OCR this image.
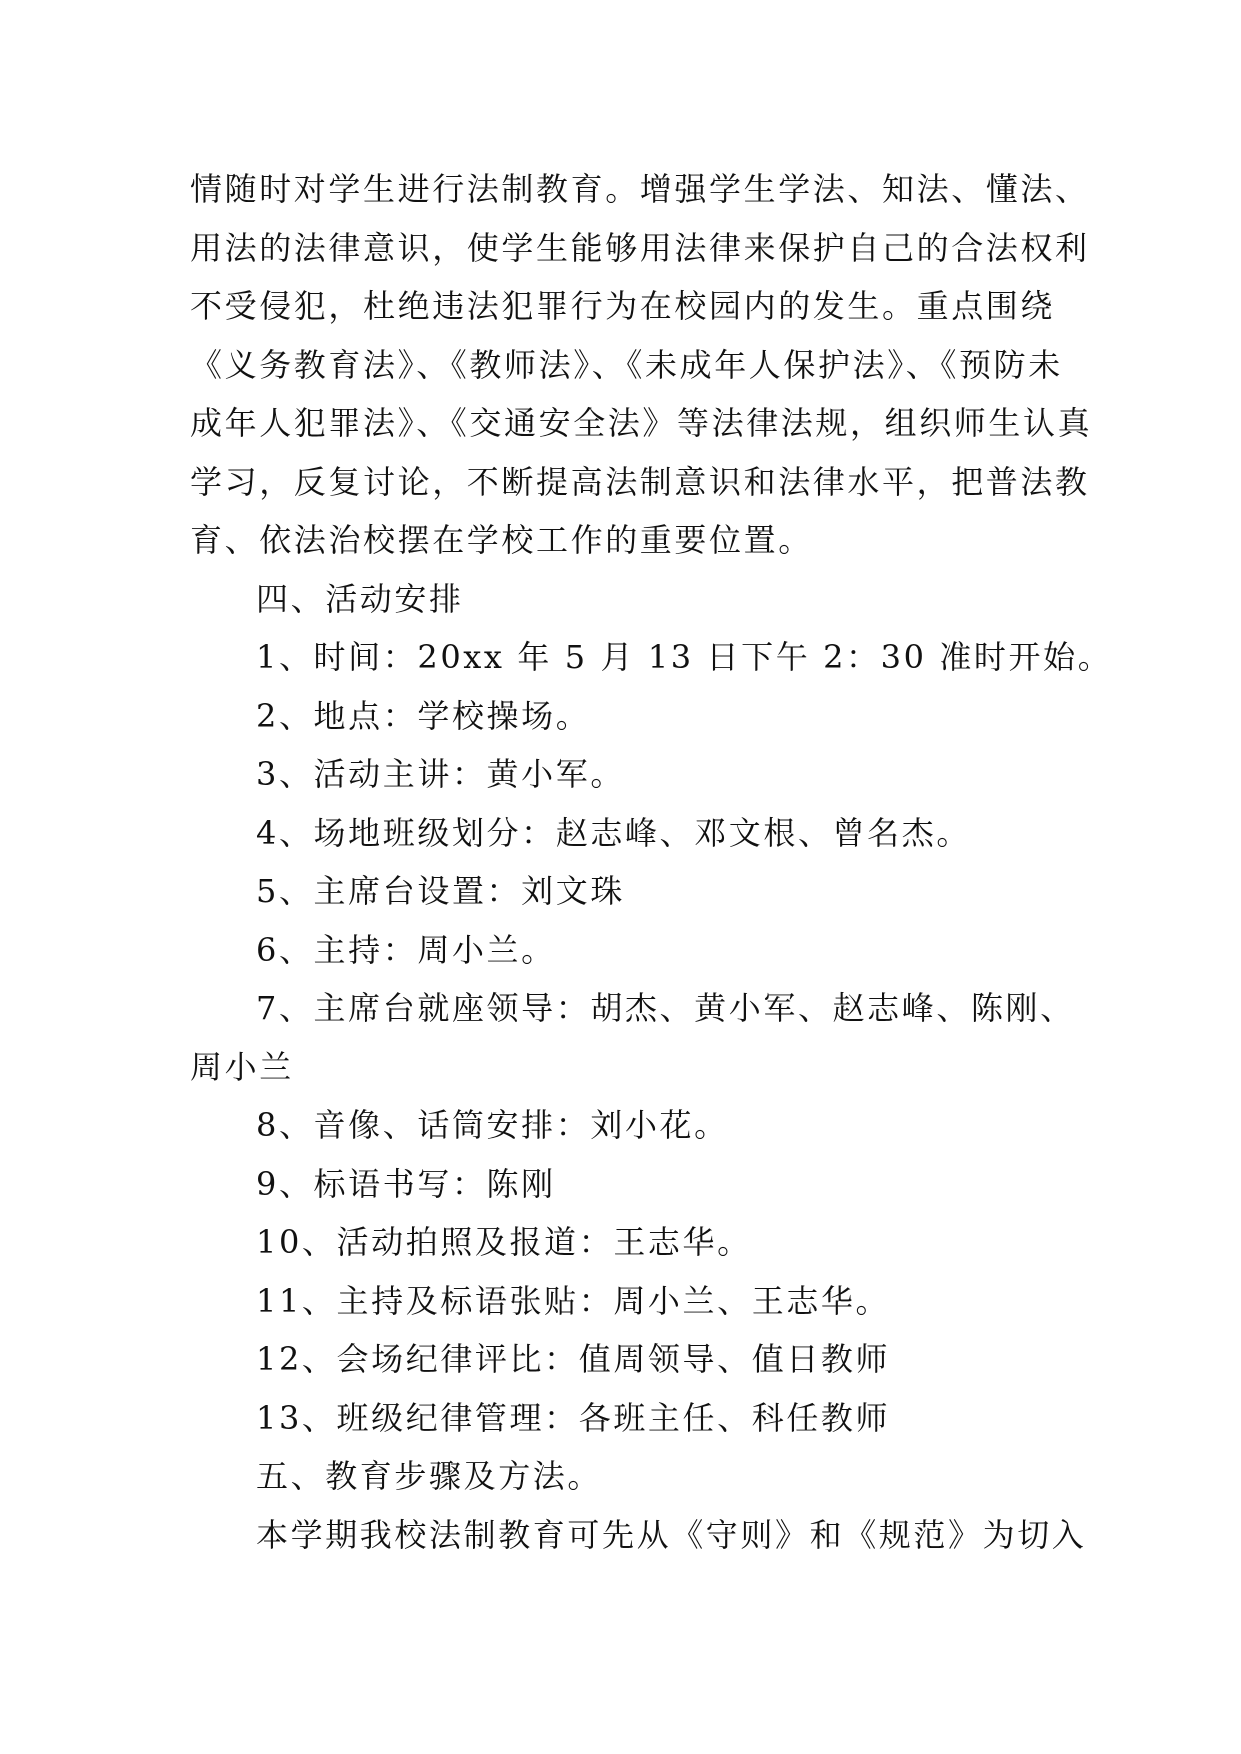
情随时对学生进行法制教育。增强学生学法、知法、懂法、
用法的法律意识，使学生能够用法律来保护自己的合法权利
不受侵犯，杜绝违法犯罪行为在校园内的发生。重点围绕
《义务教育法》、《教师法》、《未成年人保护法》、《预防未
成年人犯罪法》、《交通安全法》等法律法规，组织师生认真
学习，反复讨论，不断提高法制意识和法律水平，把普法教
育、依法治校摆在学校工作的重要位置。
四、活动安排
1、时间：20xx 年 5 月 13 日下午 2：30 准时开始。
2、地点：学校操场。
3、活动主讲：黄小军。
4、场地班级划分：赵志峰、邓文根、曾名杰。
5、主席台设置：刘文珠
6、主持：周小兰。
7、主席台就座领导：胡杰、黄小军、赵志峰、陈刚、
周小兰
8、音像、话筒安排：刘小花。
9、标语书写：陈刚
10、活动拍照及报道：王志华。
11、主持及标语张贴：周小兰、王志华。
12、会场纪律评比：值周领导、值日教师
13、班级纪律管理：各班主任、科任教师
五、教育步骤及方法。
本学期我校法制教育可先从《守则》和《规范》为切入
